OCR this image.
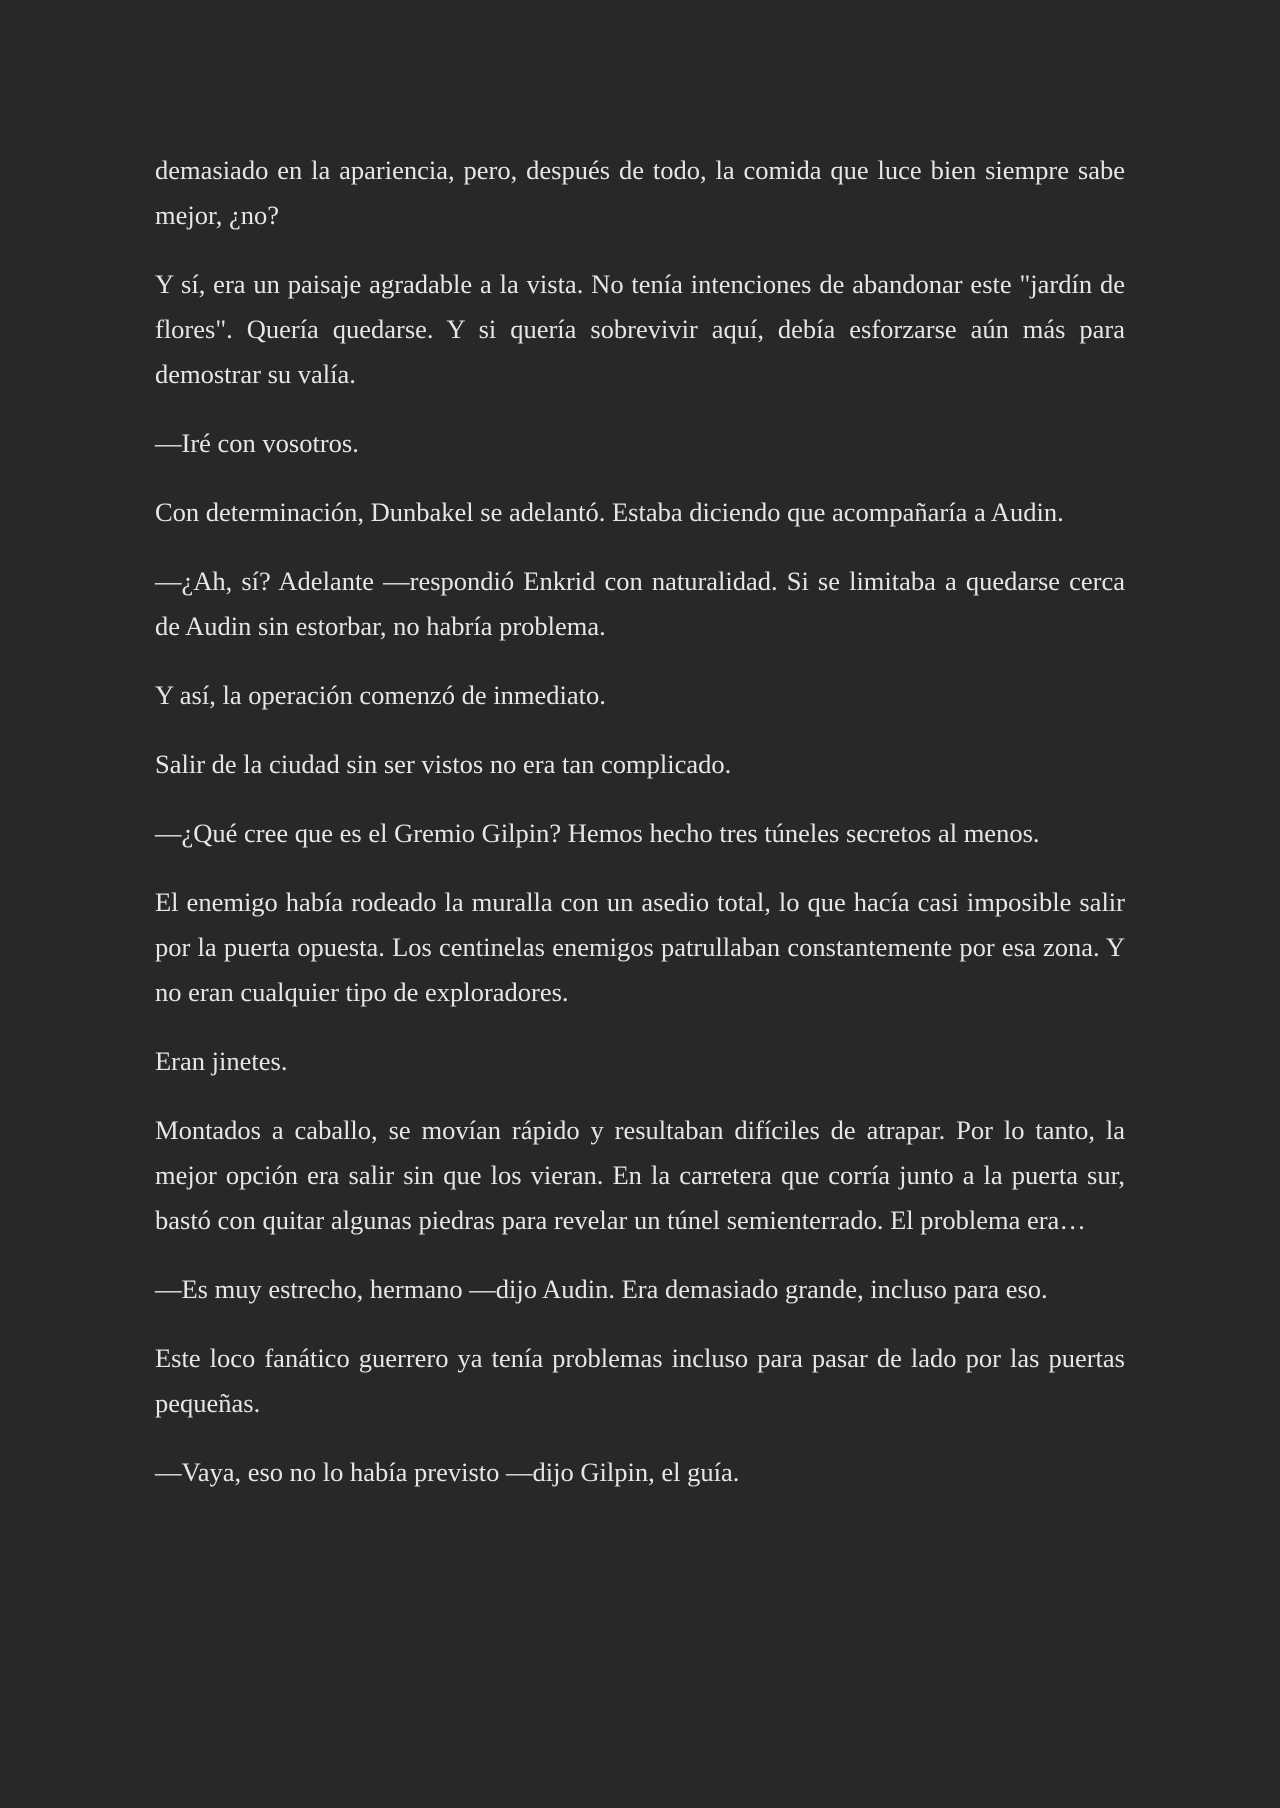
demasiado en la apariencia, pero, después de todo, la comida que luce bien siempre sabe mejor, ¿no?

Y sí, era un paisaje agradable a la vista. No tenía intenciones de abandonar este "jardín de flores". Quería quedarse. Y si quería sobrevivir aquí, debía esforzarse aún más para demostrar su valía.

—Iré con vosotros.

Con determinación, Dunbakel se adelantó. Estaba diciendo que acompañaría a Audin.

—¿Ah, sí? Adelante —respondió Enkrid con naturalidad. Si se limitaba a quedarse cerca de Audin sin estorbar, no habría problema.

Y así, la operación comenzó de inmediato.

Salir de la ciudad sin ser vistos no era tan complicado.

—¿Qué cree que es el Gremio Gilpin? Hemos hecho tres túneles secretos al menos.

El enemigo había rodeado la muralla con un asedio total, lo que hacía casi imposible salir por la puerta opuesta. Los centinelas enemigos patrullaban constantemente por esa zona. Y no eran cualquier tipo de exploradores.

Eran jinetes.

Montados a caballo, se movían rápido y resultaban difíciles de atrapar. Por lo tanto, la mejor opción era salir sin que los vieran. En la carretera que corría junto a la puerta sur, bastó con quitar algunas piedras para revelar un túnel semienterrado. El problema era…

—Es muy estrecho, hermano —dijo Audin. Era demasiado grande, incluso para eso.

Este loco fanático guerrero ya tenía problemas incluso para pasar de lado por las puertas pequeñas.

—Vaya, eso no lo había previsto —dijo Gilpin, el guía.
